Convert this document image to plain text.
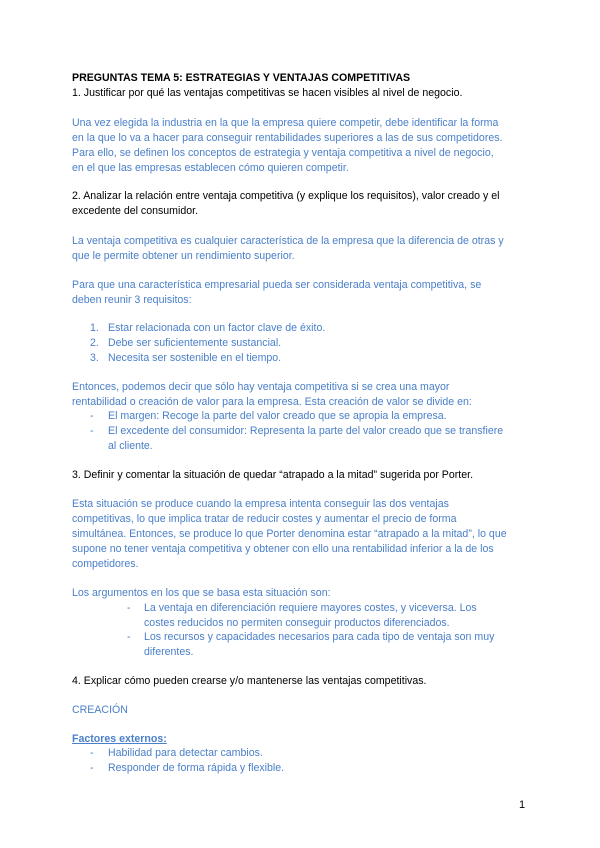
PREGUNTAS TEMA 5: ESTRATEGIAS Y VENTAJAS COMPETITIVAS
1. Justificar por qué las ventajas competitivas se hacen visibles al nivel de negocio.
Una vez elegida la industria en la que la empresa quiere competir, debe identificar la forma
en la que lo va a hacer para conseguir rentabilidades superiores a las de sus competidores.
Para ello, se definen los conceptos de estrategia y ventaja competitiva a nivel de negocio,
en el que las empresas establecen cómo quieren competir.
2. Analizar la relación entre ventaja competitiva (y explique los requisitos), valor creado y el
excedente del consumidor.
La ventaja competitiva es cualquier característica de la empresa que la diferencia de otras y
que le permite obtener un rendimiento superior.
Para que una característica empresarial pueda ser considerada ventaja competitiva, se
deben reunir 3 requisitos:
1. Estar relacionada con un factor clave de éxito.
2. Debe ser suficientemente sustancial.
3. Necesita ser sostenible en el tiempo.
Entonces, podemos decir que sólo hay ventaja competitiva si se crea una mayor
rentabilidad o creación de valor para la empresa. Esta creación de valor se divide en:
- El margen: Recoge la parte del valor creado que se apropia la empresa.
- El excedente del consumidor: Representa la parte del valor creado que se transfiere
al cliente.
3. Definir y comentar la situación de quedar “atrapado a la mitad” sugerida por Porter.
Esta situación se produce cuando la empresa intenta conseguir las dos ventajas
competitivas, lo que implica tratar de reducir costes y aumentar el precio de forma
simultánea. Entonces, se produce lo que Porter denomina estar “atrapado a la mitad”, lo que
supone no tener ventaja competitiva y obtener con ello una rentabilidad inferior a la de los
competidores.
Los argumentos en los que se basa esta situación son:
- La ventaja en diferenciación requiere mayores costes, y viceversa. Los
costes reducidos no permiten conseguir productos diferenciados.
- Los recursos y capacidades necesarios para cada tipo de ventaja son muy
diferentes.
4. Explicar cómo pueden crearse y/o mantenerse las ventajas competitivas.
CREACIÓN
Factores externos:
- Habilidad para detectar cambios.
- Responder de forma rápida y flexible.
1
